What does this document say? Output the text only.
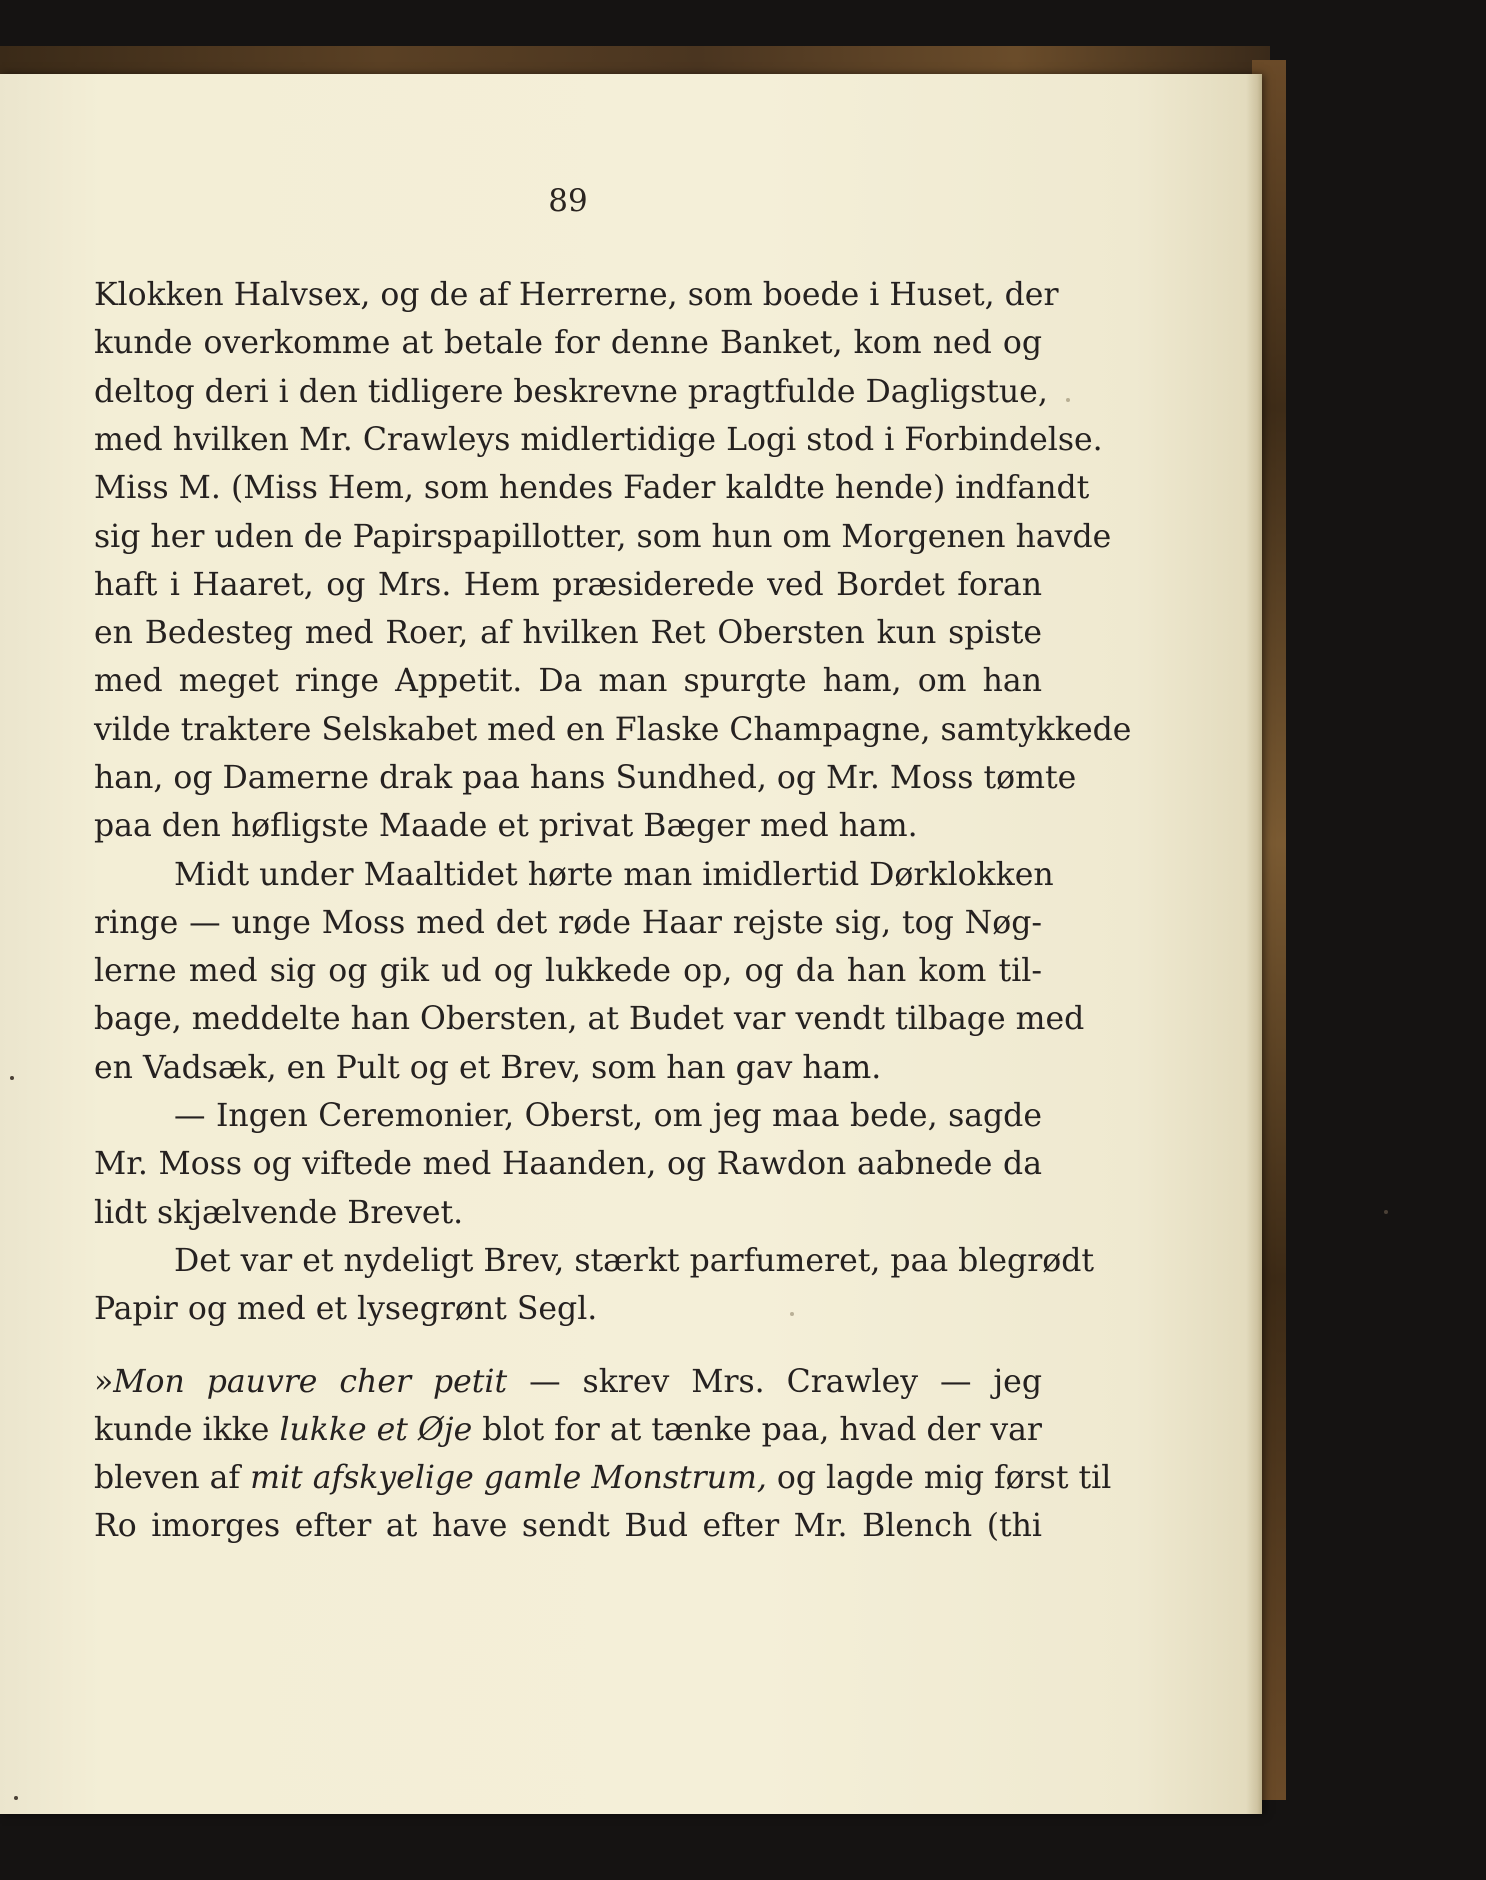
89
Klokken Halvsex, og de af Herrerne, som boede i Huset, der
kunde overkomme at betale for denne Banket, kom ned og
deltog deri i den tidligere beskrevne pragtfulde Dagligstue,
med hvilken Mr. Crawleys midlertidige Logi stod i Forbindelse.
Miss M. (Miss Hem, som hendes Fader kaldte hende) indfandt
sig her uden de Papirspapillotter, som hun om Morgenen havde
haft i Haaret, og Mrs. Hem præsiderede ved Bordet foran
en Bedesteg med Roer, af hvilken Ret Obersten kun spiste
med meget ringe Appetit. Da man spurgte ham, om han
vilde traktere Selskabet med en Flaske Champagne, samtykkede
han, og Damerne drak paa hans Sundhed, og Mr. Moss tømte
paa den høfligste Maade et privat Bæger med ham.
Midt under Maaltidet hørte man imidlertid Dørklokken
ringe — unge Moss med det røde Haar rejste sig, tog Nøg-
lerne med sig og gik ud og lukkede op, og da han kom til-
bage, meddelte han Obersten, at Budet var vendt tilbage med
en Vadsæk, en Pult og et Brev, som han gav ham.
— Ingen Ceremonier, Oberst, om jeg maa bede, sagde
Mr. Moss og viftede med Haanden, og Rawdon aabnede da
lidt skjælvende Brevet.
Det var et nydeligt Brev, stærkt parfumeret, paa blegrødt
Papir og med et lysegrønt Segl.
»Mon pauvre cher petit — skrev Mrs. Crawley — jeg
kunde ikke lukke et Øje blot for at tænke paa, hvad der var
bleven af mit afskyelige gamle Monstrum, og lagde mig først til
Ro imorges efter at have sendt Bud efter Mr. Blench (thi
